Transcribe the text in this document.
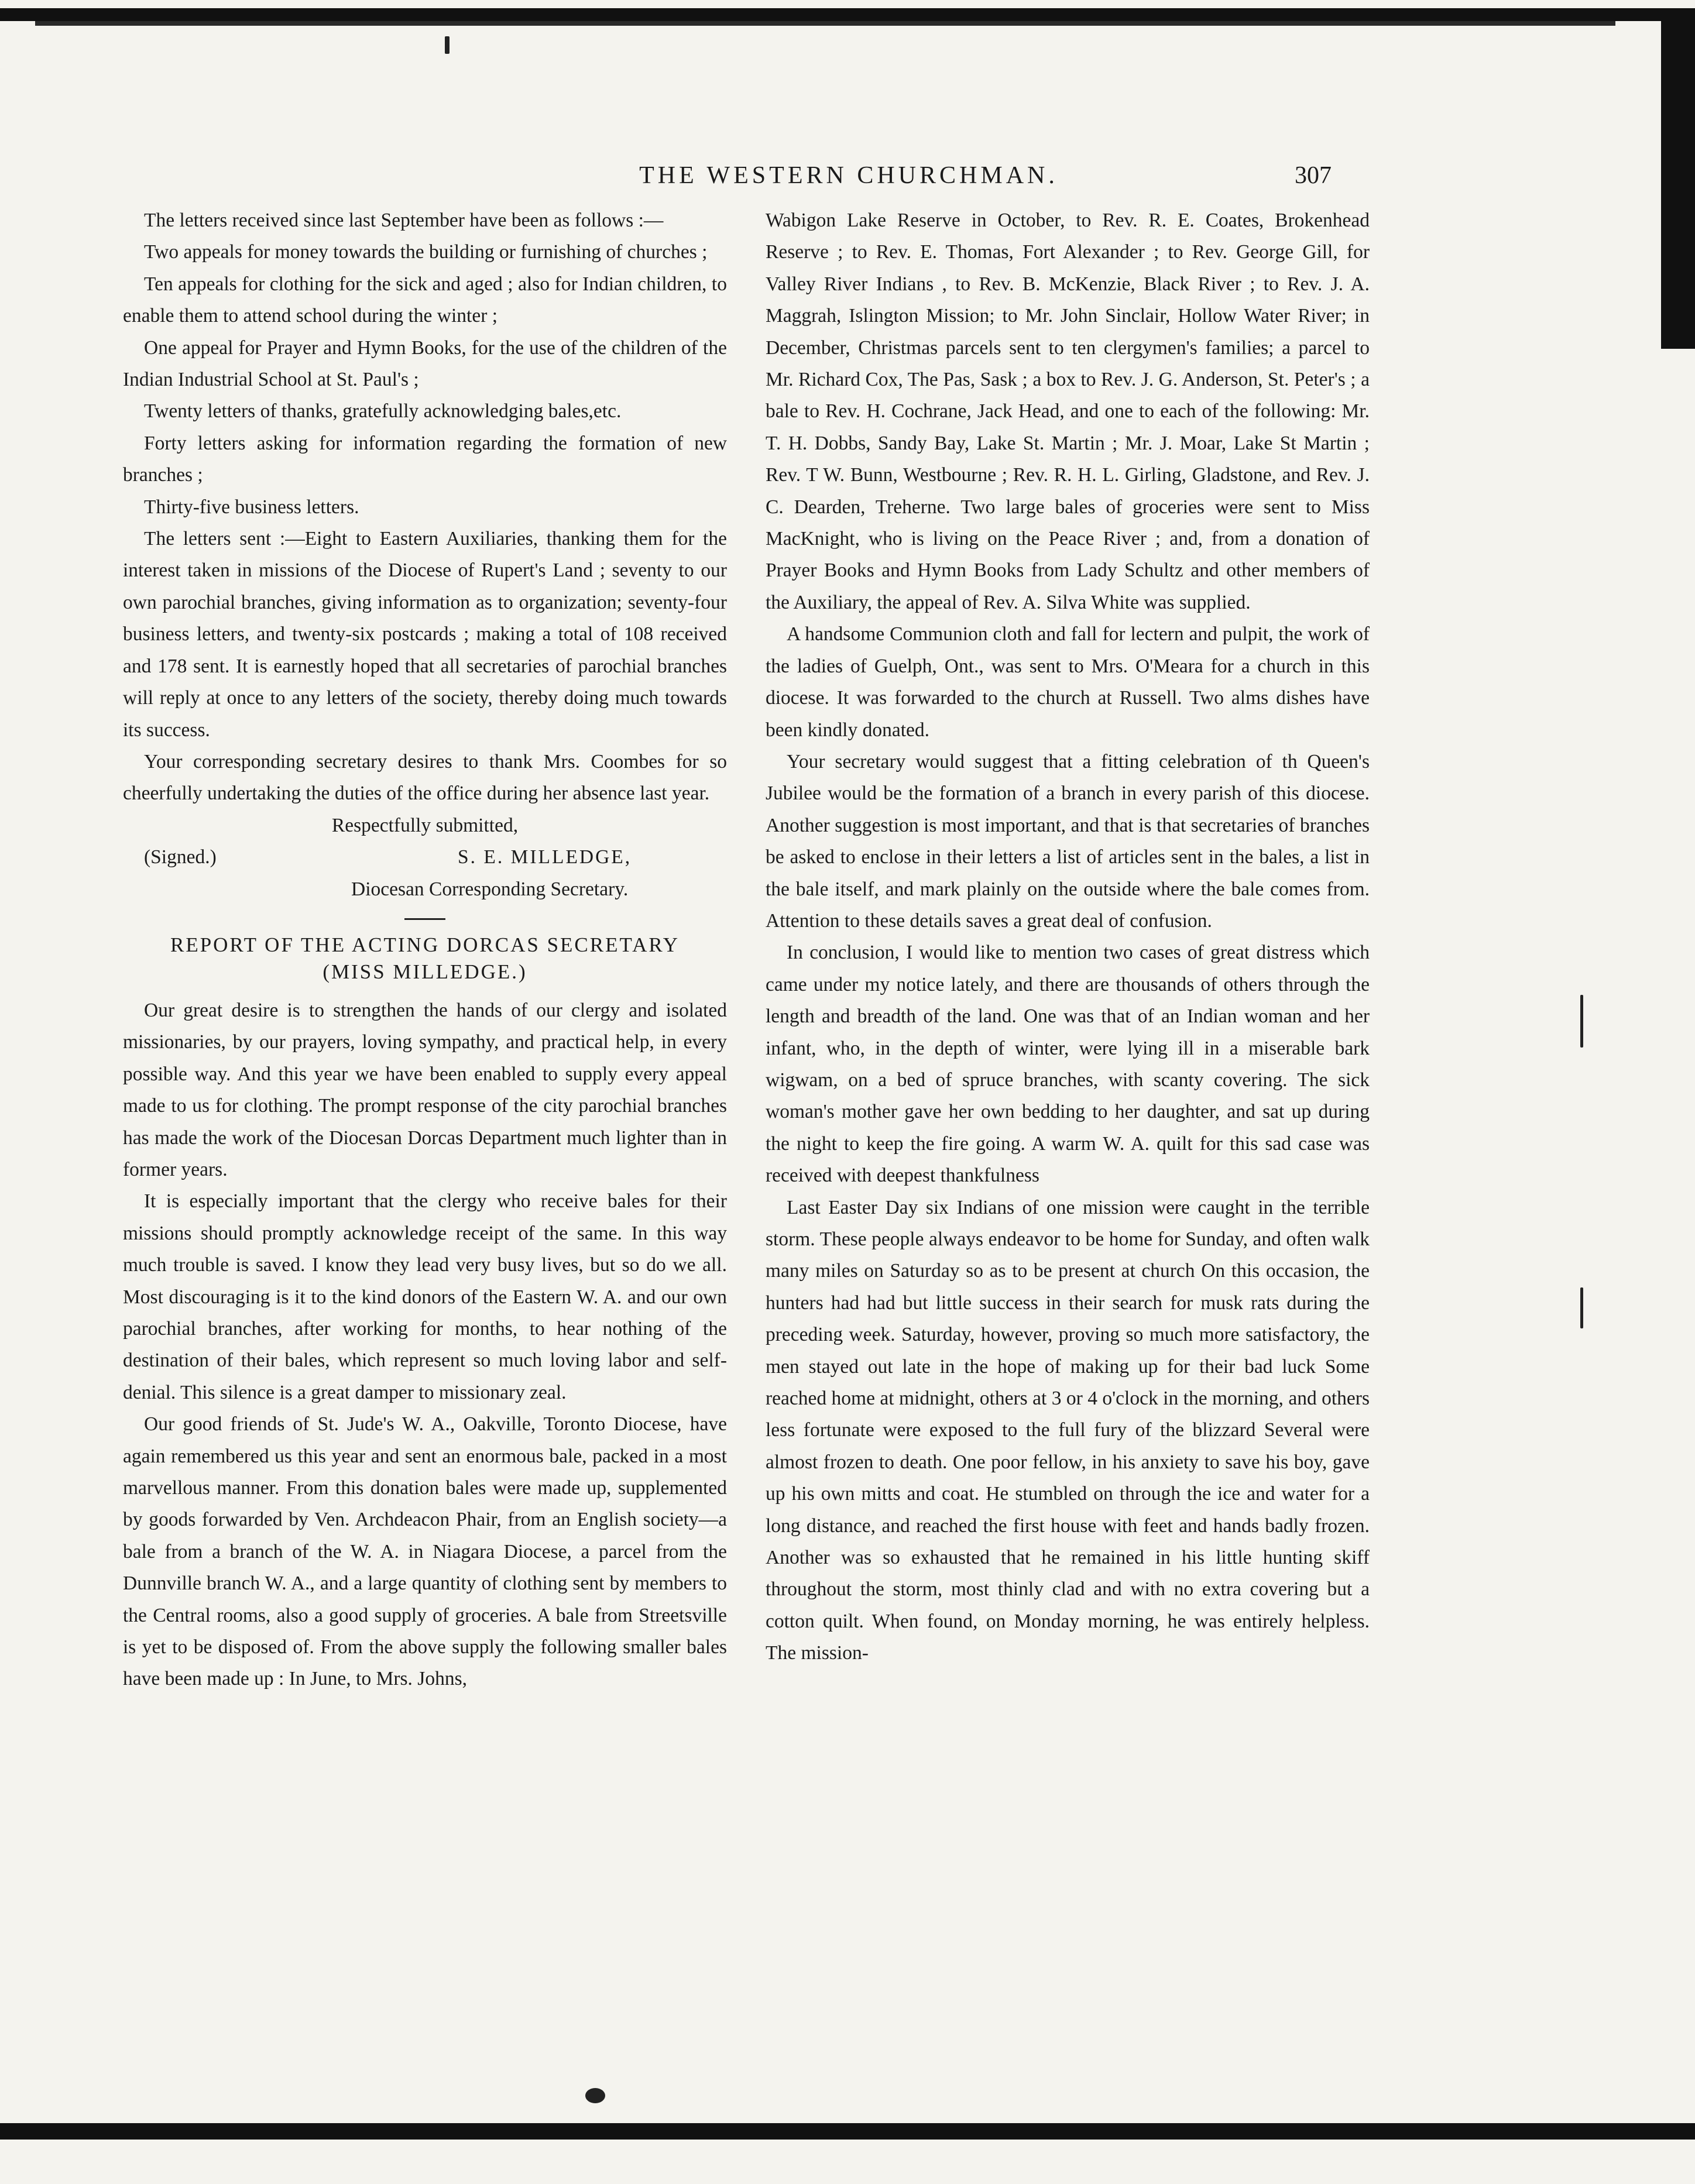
THE WESTERN CHURCHMAN.	307

The letters received since last September have been as follows :—

Two appeals for money towards the building or furnishing of churches ;

Ten appeals for clothing for the sick and aged ; also for Indian children, to enable them to attend school during the winter ;

One appeal for Prayer and Hymn Books, for the use of the children of the Indian Industrial School at St. Paul's ;

Twenty letters of thanks, gratefully acknowledging bales,etc.

Forty letters asking for information regarding the formation of new branches ;

Thirty-five business letters.

The letters sent :—Eight to Eastern Auxiliaries, thanking them for the interest taken in missions of the Diocese of Rupert's Land ; seventy to our own parochial branches, giving information as to organization; seventy-four business letters, and twenty-six postcards ; making a total of 108 received and 178 sent. It is earnestly hoped that all secretaries of parochial branches will reply at once to any letters of the society, thereby doing much towards its success.

Your corresponding secretary desires to thank Mrs. Coombes for so cheerfully undertaking the duties of the office during her absence last year.

Respectfully submitted,

(Signed.)	S. E. MILLEDGE,

Diocesan Corresponding Secretary.

REPORT OF THE ACTING DORCAS SECRETARY
(MISS MILLEDGE.)

Our great desire is to strengthen the hands of our clergy and isolated missionaries, by our prayers, loving sympathy, and practical help, in every possible way. And this year we have been enabled to supply every appeal made to us for clothing. The prompt response of the city parochial branches has made the work of the Diocesan Dorcas Department much lighter than in former years.

It is especially important that the clergy who receive bales for their missions should promptly acknowledge receipt of the same. In this way much trouble is saved. I know they lead very busy lives, but so do we all. Most discouraging is it to the kind donors of the Eastern W. A. and our own parochial branches, after working for months, to hear nothing of the destination of their bales, which represent so much loving labor and self-denial. This silence is a great damper to missionary zeal.

Our good friends of St. Jude's W. A., Oakville, Toronto Diocese, have again remembered us this year and sent an enormous bale, packed in a most marvellous manner. From this donation bales were made up, supplemented by goods forwarded by Ven. Archdeacon Phair, from an English society—a bale from a branch of the W. A. in Niagara Diocese, a parcel from the Dunnville branch W. A., and a large quantity of clothing sent by members to the Central rooms, also a good supply of groceries. A bale from Streetsville is yet to be disposed of. From the above supply the following smaller bales have been made up : In June, to Mrs. Johns,

Wabigon Lake Reserve in October, to Rev. R. E. Coates, Brokenhead Reserve ; to Rev. E. Thomas, Fort Alexander ; to Rev. George Gill, for Valley River Indians , to Rev. B. McKenzie, Black River ; to Rev. J. A. Maggrah, Islington Mission; to Mr. John Sinclair, Hollow Water River; in December, Christmas parcels sent to ten clergymen's families; a parcel to Mr. Richard Cox, The Pas, Sask ; a box to Rev. J. G. Anderson, St. Peter's ; a bale to Rev. H. Cochrane, Jack Head, and one to each of the following: Mr. T. H. Dobbs, Sandy Bay, Lake St. Martin ; Mr. J. Moar, Lake St Martin ; Rev. T W. Bunn, Westbourne ; Rev. R. H. L. Girling, Gladstone, and Rev. J. C. Dearden, Treherne. Two large bales of groceries were sent to Miss MacKnight, who is living on the Peace River ; and, from a donation of Prayer Books and Hymn Books from Lady Schultz and other members of the Auxiliary, the appeal of Rev. A. Silva White was supplied.

A handsome Communion cloth and fall for lectern and pulpit, the work of the ladies of Guelph, Ont., was sent to Mrs. O'Meara for a church in this diocese. It was forwarded to the church at Russell. Two alms dishes have been kindly donated.

Your secretary would suggest that a fitting celebration of th Queen's Jubilee would be the formation of a branch in every parish of this diocese. Another suggestion is most important, and that is that secretaries of branches be asked to enclose in their letters a list of articles sent in the bales, a list in the bale itself, and mark plainly on the outside where the bale comes from. Attention to these details saves a great deal of confusion.

In conclusion, I would like to mention two cases of great distress which came under my notice lately, and there are thousands of others through the length and breadth of the land. One was that of an Indian woman and her infant, who, in the depth of winter, were lying ill in a miserable bark wigwam, on a bed of spruce branches, with scanty covering. The sick woman's mother gave her own bedding to her daughter, and sat up during the night to keep the fire going. A warm W. A. quilt for this sad case was received with deepest thankfulness

Last Easter Day six Indians of one mission were caught in the terrible storm. These people always endeavor to be home for Sunday, and often walk many miles on Saturday so as to be present at church On this occasion, the hunters had had but little success in their search for musk rats during the preceding week. Saturday, however, proving so much more satisfactory, the men stayed out late in the hope of making up for their bad luck Some reached home at midnight, others at 3 or 4 o'clock in the morning, and others less fortunate were exposed to the full fury of the blizzard Several were almost frozen to death. One poor fellow, in his anxiety to save his boy, gave up his own mitts and coat. He stumbled on through the ice and water for a long distance, and reached the first house with feet and hands badly frozen. Another was so exhausted that he remained in his little hunting skiff throughout the storm, most thinly clad and with no extra covering but a cotton quilt. When found, on Monday morning, he was entirely helpless. The mission-
